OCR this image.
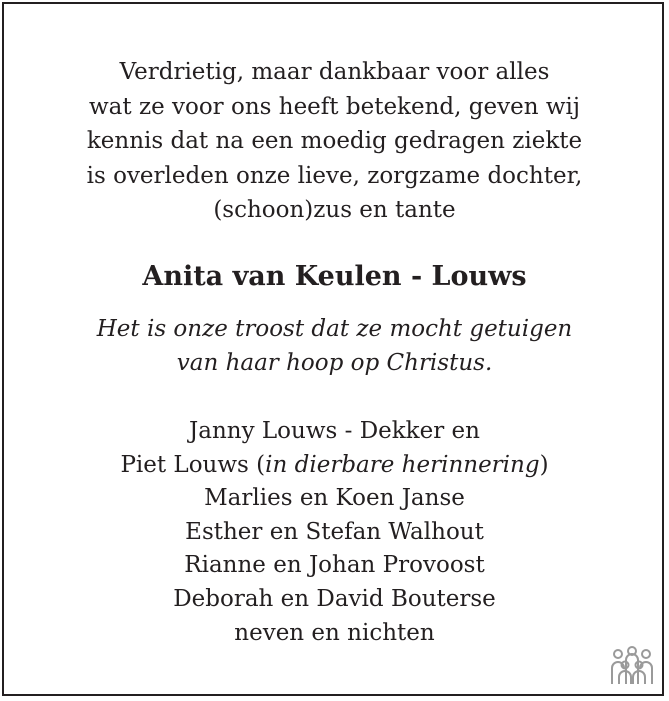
Verdrietig, maar dankbaar voor alles
wat ze voor ons heeft betekend, geven wij
kennis dat na een moedig gedragen ziekte
is overleden onze lieve, zorgzame dochter,
(schoon)zus en tante
Anita van Keulen - Louws
Het is onze troost dat ze mocht getuigen
van haar hoop op Christus.
Janny Louws - Dekker en
Piet Louws (in dierbare herinnering)
Marlies en Koen Janse
Esther en Stefan Walhout
Rianne en Johan Provoost
Deborah en David Bouterse
neven en nichten
